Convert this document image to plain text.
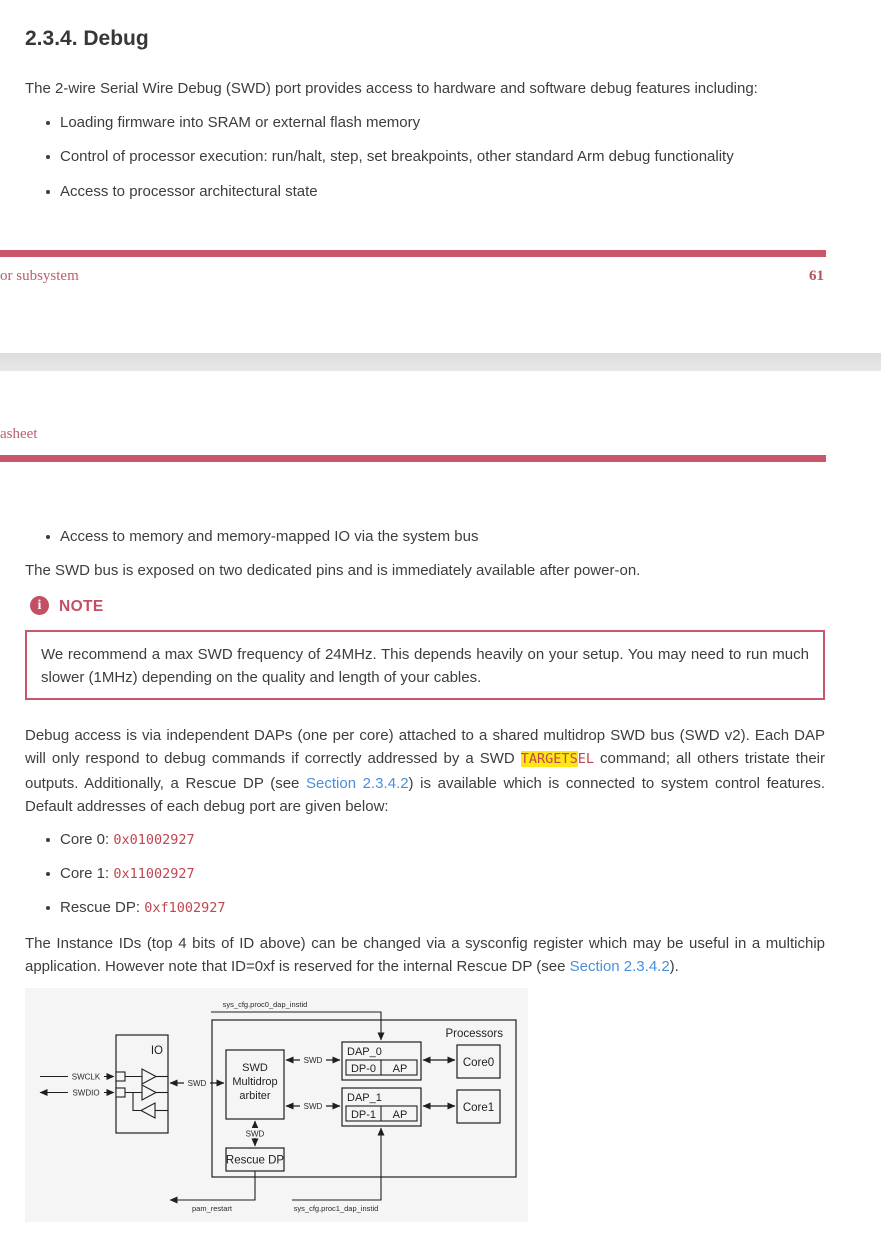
2.3.4. Debug
The 2-wire Serial Wire Debug (SWD) port provides access to hardware and software debug features including:
Loading firmware into SRAM or external flash memory
Control of processor execution: run/halt, step, set breakpoints, other standard Arm debug functionality
Access to processor architectural state
or subsystem	61
asheet
Access to memory and memory-mapped IO via the system bus
The SWD bus is exposed on two dedicated pins and is immediately available after power-on.
i	NOTE
We recommend a max SWD frequency of 24MHz. This depends heavily on your setup. You may need to run much slower (1MHz) depending on the quality and length of your cables.
Debug access is via independent DAPs (one per core) attached to a shared multidrop SWD bus (SWD v2). Each DAP will only respond to debug commands if correctly addressed by a SWD TARGETSEL command; all others tristate their outputs. Additionally, a Rescue DP (see Section 2.3.4.2) is available which is connected to system control features. Default addresses of each debug port are given below:
Core 0: 0x01002927
Core 1: 0x11002927
Rescue DP: 0xf1002927
The Instance IDs (top 4 bits of ID above) can be changed via a sysconfig register which may be useful in a multichip application. However note that ID=0xf is reserved for the internal Rescue DP (see Section 2.3.4.2).
sys_cfg.proc0_dap_instid
Processors
IO
SWCLK
SWDIO
SWD
SWD
Multidrop
arbiter
SWD
DAP_0
DP-0 AP	Core0
SWD
DAP_1
DP-1 AP
Core1
SWD
Rescue DP
pam_restart	sys_cfg.proc1_dap_instid
